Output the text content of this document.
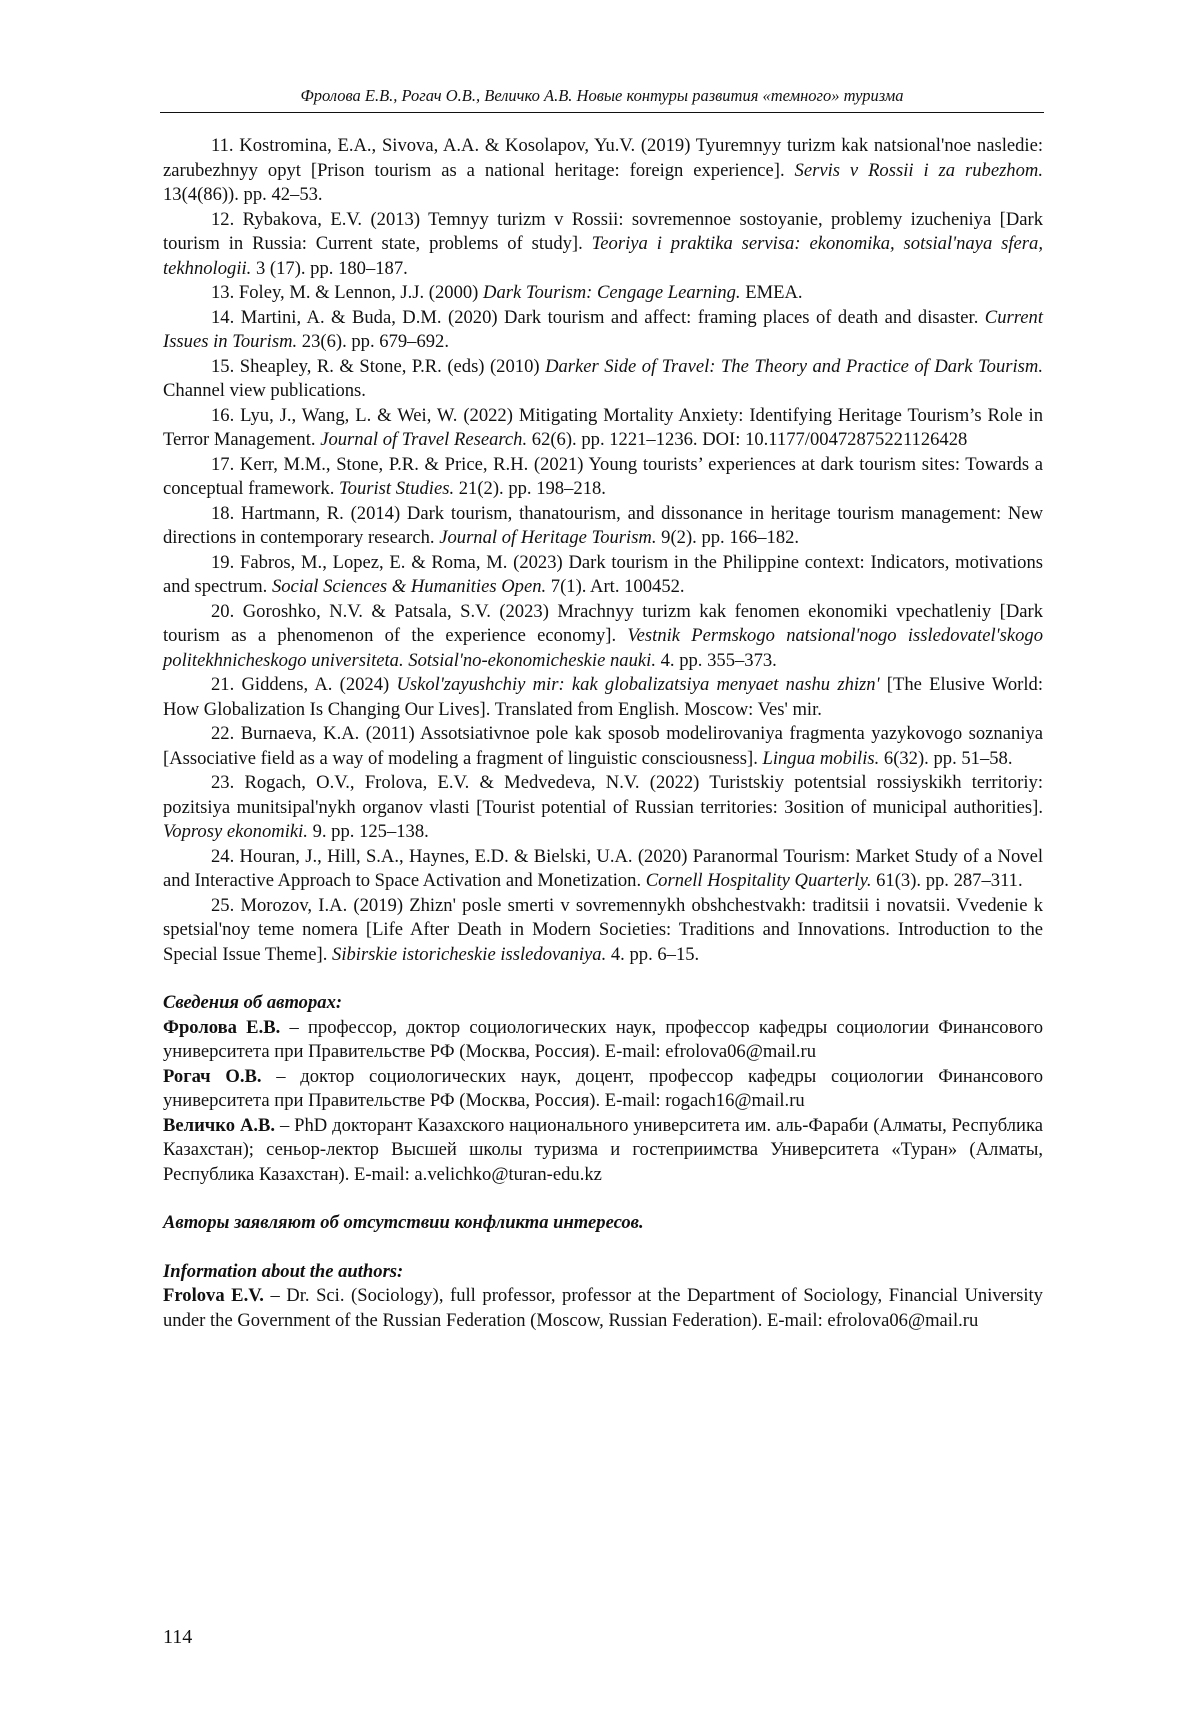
Фролова Е.В., Рогач О.В., Величко А.В. Новые контуры развития «темного» туризма

11. Kostromina, E.A., Sivova, A.A. & Kosolapov, Yu.V. (2019) Tyuremnyy turizm kak natsional'noe nasledie: zarubezhnyy opyt [Prison tourism as a national heritage: foreign experience]. Servis v Rossii i za rubezhom. 13(4(86)). pp. 42–53.

12. Rybakova, E.V. (2013) Temnyy turizm v Rossii: sovremennoe sostoyanie, problemy izucheniya [Dark tourism in Russia: Current state, problems of study]. Teoriya i praktika servisa: ekonomika, sotsial'naya sfera, tekhnologii. 3 (17). pp. 180–187.

13. Foley, M. & Lennon, J.J. (2000) Dark Tourism: Cengage Learning. EMEA.

14. Martini, A. & Buda, D.M. (2020) Dark tourism and affect: framing places of death and disaster. Current Issues in Tourism. 23(6). pp. 679–692.

15. Sheapley, R. & Stone, P.R. (eds) (2010) Darker Side of Travel: The Theory and Practice of Dark Tourism. Channel view publications.

16. Lyu, J., Wang, L. & Wei, W. (2022) Mitigating Mortality Anxiety: Identifying Heritage Tourism’s Role in Terror Management. Journal of Travel Research. 62(6). pp. 1221–1236. DOI: 10.1177/00472875221126428

17. Kerr, M.M., Stone, P.R. & Price, R.H. (2021) Young tourists’ experiences at dark tourism sites: Towards a conceptual framework. Tourist Studies. 21(2). pp. 198–218.

18. Hartmann, R. (2014) Dark tourism, thanatourism, and dissonance in heritage tourism management: New directions in contemporary research. Journal of Heritage Tourism. 9(2). pp. 166–182.

19. Fabros, M., Lopez, E. & Roma, M. (2023) Dark tourism in the Philippine context: Indicators, motivations and spectrum. Social Sciences & Humanities Open. 7(1). Art. 100452.

20. Goroshko, N.V. & Patsala, S.V. (2023) Mrachnyy turizm kak fenomen ekonomiki vpechatleniy [Dark tourism as a phenomenon of the experience economy]. Vestnik Permskogo natsional'nogo issledovatel'skogo politekhnicheskogo universiteta. Sotsial'no-ekonomicheskie nauki. 4. pp. 355–373.

21. Giddens, A. (2024) Uskol'zayushchiy mir: kak globalizatsiya menyaet nashu zhizn' [The Elusive World: How Globalization Is Changing Our Lives]. Translated from English. Moscow: Ves' mir.

22. Burnaeva, K.A. (2011) Assotsiativnoe pole kak sposob modelirovaniya fragmenta yazykovogo soznaniya [Associative field as a way of modeling a fragment of linguistic consciousness]. Lingua mobilis. 6(32). pp. 51–58.

23. Rogach, O.V., Frolova, E.V. & Medvedeva, N.V. (2022) Turistskiy potentsial rossiyskikh territoriy: pozitsiya munitsipal'nykh organov vlasti [Tourist potential of Russian territories: Зosition of municipal authorities]. Voprosy ekonomiki. 9. pp. 125–138.

24. Houran, J., Hill, S.A., Haynes, E.D. & Bielski, U.A. (2020) Paranormal Tourism: Market Study of a Novel and Interactive Approach to Space Activation and Monetization. Cornell Hospitality Quarterly. 61(3). pp. 287–311.

25. Morozov, I.A. (2019) Zhizn' posle smerti v sovremennykh obshchestvakh: traditsii i novatsii. Vvedenie k spetsial'noy teme nomera [Life After Death in Modern Societies: Traditions and Innovations. Introduction to the Special Issue Theme]. Sibirskie istoricheskie issledovaniya. 4. pp. 6–15.

Сведения об авторах:

Фролова Е.В. – профессор, доктор социологических наук, профессор кафедры социологии Финансового университета при Правительстве РФ (Москва, Россия). E-mail: efrolova06@mail.ru

Рогач О.В. – доктор социологических наук, доцент, профессор кафедры социологии Финансового университета при Правительстве РФ (Москва, Россия). E-mail: rogach16@mail.ru

Величко А.В. – PhD докторант Казахского национального университета им. аль-Фараби (Алматы, Республика Казахстан); сеньор-лектор Высшей школы туризма и гостеприимства Университета «Туран» (Алматы, Республика Казахстан). E-mail: a.velichko@turan-edu.kz

Авторы заявляют об отсутствии конфликта интересов.

Information about the authors:

Frolova E.V. – Dr. Sci. (Sociology), full professor, professor at the Department of Sociology, Financial University under the Government of the Russian Federation (Moscow, Russian Federation). E-mail: efrolova06@mail.ru

114
